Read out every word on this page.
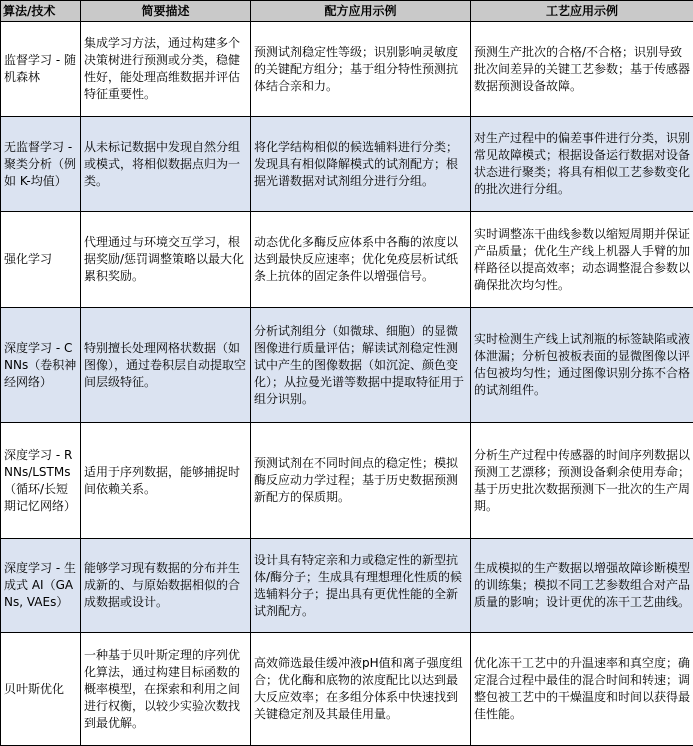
算法/技术	简要描述	配方应用示例	工艺应用示例
监督学习 - 随机森林	集成学习方法，通过构建多个决策树进行预测或分类，稳健性好，能处理高维数据并评估特征重要性。	预测试剂稳定性等级；识别影响灵敏度的关键配方组分；基于组分特性预测抗体结合亲和力。	预测生产批次的合格/不合格；识别导致批次间差异的关键工艺参数；基于传感器数据预测设备故障。
无监督学习 - 聚类分析（例如 K-均值）	从未标记数据中发现自然分组或模式，将相似数据点归为一类。	将化学结构相似的候选辅料进行分类；发现具有相似降解模式的试剂配方；根据光谱数据对试剂组分进行分组。	对生产过程中的偏差事件进行分类，识别常见故障模式；根据设备运行数据对设备状态进行聚类；将具有相似工艺参数变化的批次进行分组。
强化学习	代理通过与环境交互学习，根据奖励/惩罚调整策略以最大化累积奖励。	动态优化多酶反应体系中各酶的浓度以达到最快反应速率；优化免疫层析试纸条上抗体的固定条件以增强信号。	实时调整冻干曲线参数以缩短周期并保证产品质量；优化生产线上机器人手臂的加样路径以提高效率；动态调整混合参数以确保批次均匀性。
深度学习 - CNNs（卷积神经网络）	特别擅长处理网格状数据（如图像），通过卷积层自动提取空间层级特征。	分析试剂组分（如微球、细胞）的显微图像进行质量评估；解读试剂稳定性测试中产生的图像数据（如沉淀、颜色变化）；从拉曼光谱等数据中提取特征用于组分识别。	实时检测生产线上试剂瓶的标签缺陷或液体泄漏；分析包被板表面的显微图像以评估包被均匀性；通过图像识别分拣不合格的试剂组件。
深度学习 - RNNs/LSTMs（循环/长短期记忆网络）	适用于序列数据，能够捕捉时间依赖关系。	预测试剂在不同时间点的稳定性；模拟酶反应动力学过程；基于历史数据预测新配方的保质期。	分析生产过程中传感器的时间序列数据以预测工艺漂移；预测设备剩余使用寿命；基于历史批次数据预测下一批次的生产周期。
深度学习 - 生成式 AI（GANs, VAEs）	能够学习现有数据的分布并生成新的、与原始数据相似的合成数据或设计。	设计具有特定亲和力或稳定性的新型抗体/酶分子；生成具有理想理化性质的候选辅料分子；提出具有更优性能的全新试剂配方。	生成模拟的生产数据以增强故障诊断模型的训练集；模拟不同工艺参数组合对产品质量的影响；设计更优的冻干工艺曲线。
贝叶斯优化	一种基于贝叶斯定理的序列优化算法，通过构建目标函数的概率模型，在探索和利用之间进行权衡，以较少实验次数找到最优解。	高效筛选最佳缓冲液pH值和离子强度组合；优化酶和底物的浓度配比以达到最大反应效率；在多组分体系中快速找到关键稳定剂及其最佳用量。	优化冻干工艺中的升温速率和真空度；确定混合过程中最佳的混合时间和转速；调整包被工艺中的干燥温度和时间以获得最佳性能。
